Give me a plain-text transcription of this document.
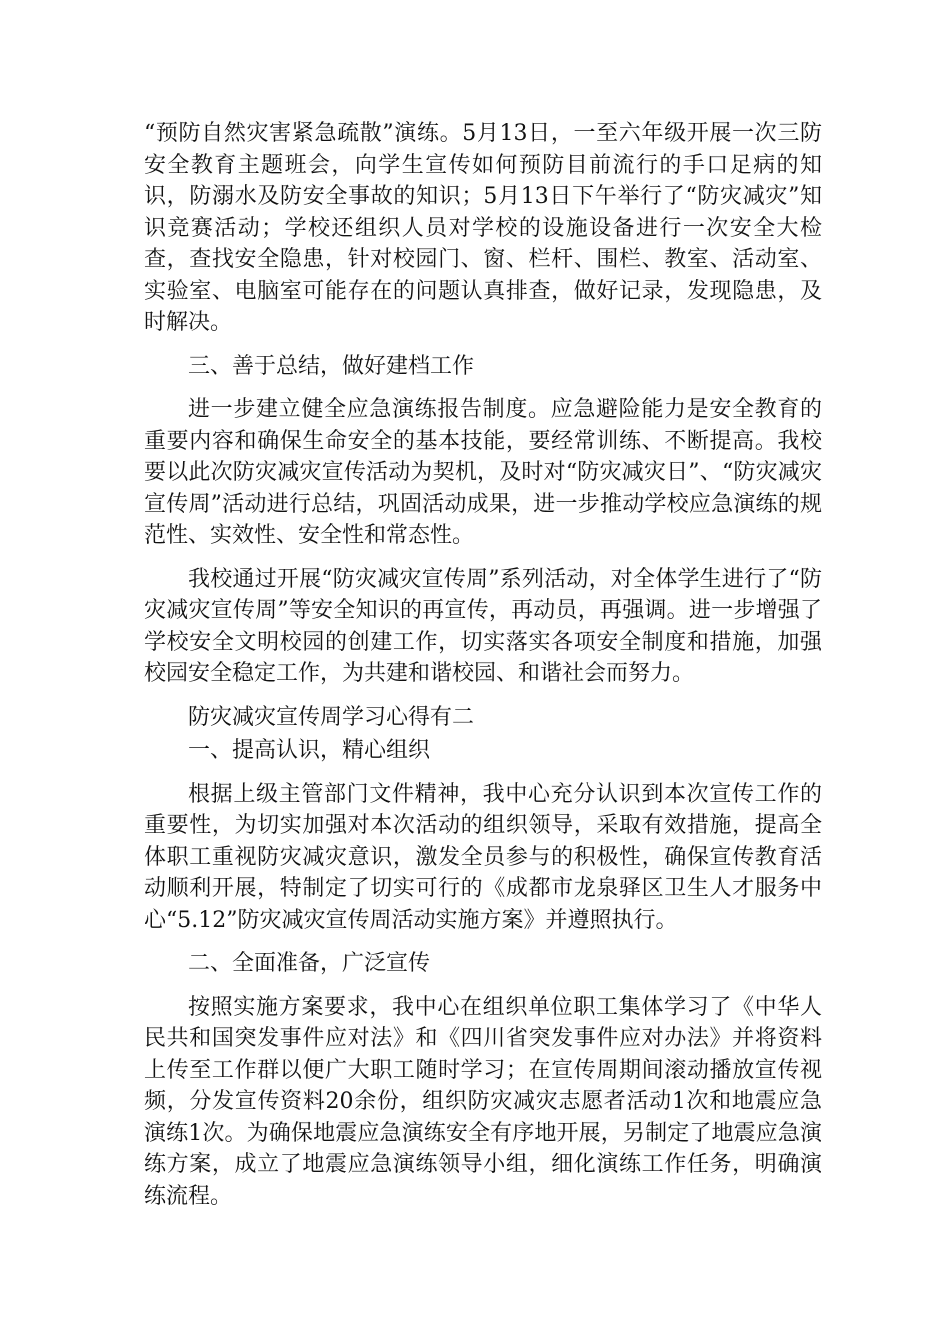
“预防自然灾害紧急疏散”演练。5月13日，一至六年级开展一次三防安全教育主题班会，向学生宣传如何预防目前流行的手口足病的知识，防溺水及防安全事故的知识；5月13日下午举行了“防灾减灾”知识竞赛活动；学校还组织人员对学校的设施设备进行一次安全大检查，查找安全隐患，针对校园门、窗、栏杆、围栏、教室、活动室、实验室、电脑室可能存在的问题认真排查，做好记录，发现隐患，及时解决。

三、善于总结，做好建档工作

进一步建立健全应急演练报告制度。应急避险能力是安全教育的重要内容和确保生命安全的基本技能，要经常训练、不断提高。我校要以此次防灾减灾宣传活动为契机，及时对“防灾减灾日”、“防灾减灾宣传周”活动进行总结，巩固活动成果，进一步推动学校应急演练的规范性、实效性、安全性和常态性。

我校通过开展“防灾减灾宣传周”系列活动，对全体学生进行了“防灾减灾宣传周”等安全知识的再宣传，再动员，再强调。进一步增强了学校安全文明校园的创建工作，切实落实各项安全制度和措施，加强校园安全稳定工作，为共建和谐校园、和谐社会而努力。

防灾减灾宣传周学习心得有二

一、提高认识，精心组织

根据上级主管部门文件精神，我中心充分认识到本次宣传工作的重要性，为切实加强对本次活动的组织领导，采取有效措施，提高全体职工重视防灾减灾意识，激发全员参与的积极性，确保宣传教育活动顺利开展，特制定了切实可行的《成都市龙泉驿区卫生人才服务中心“5.12”防灾减灾宣传周活动实施方案》并遵照执行。

二、全面准备，广泛宣传

按照实施方案要求，我中心在组织单位职工集体学习了《中华人民共和国突发事件应对法》和《四川省突发事件应对办法》并将资料上传至工作群以便广大职工随时学习；在宣传周期间滚动播放宣传视频，分发宣传资料20余份，组织防灾减灾志愿者活动1次和地震应急演练1次。为确保地震应急演练安全有序地开展，另制定了地震应急演练方案，成立了地震应急演练领导小组，细化演练工作任务，明确演练流程。
